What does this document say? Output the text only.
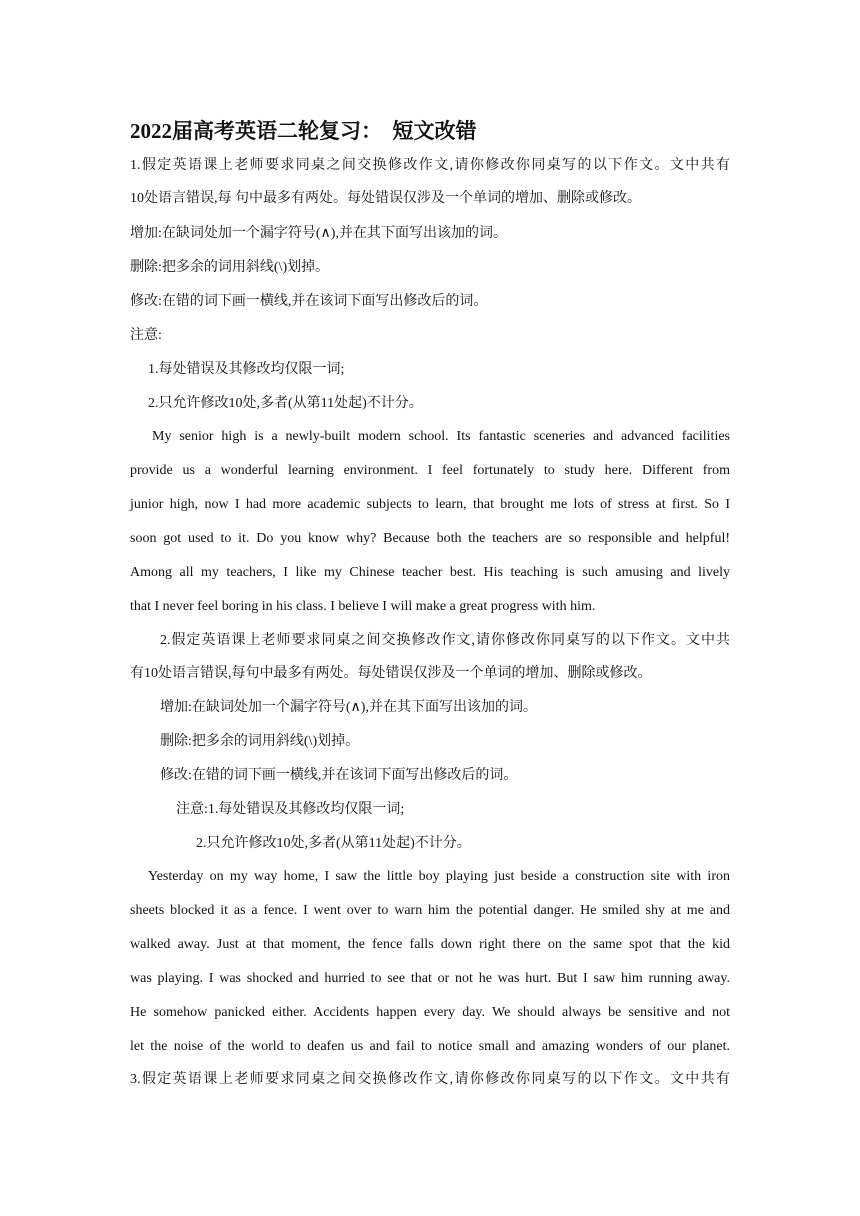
2022届高考英语二轮复习：  短文改错
1.假定英语课上老师要求同桌之间交换修改作文,请你修改你同桌写的以下作文。文中共有
10处语言错误,每 句中最多有两处。每处错误仅涉及一个单词的增加、删除或修改。
增加:在缺词处加一个漏字符号(∧),并在其下面写出该加的词。
删除:把多余的词用斜线(\)划掉。
修改:在错的词下画一横线,并在该词下面写出修改后的词。
注意:
1.每处错误及其修改均仅限一词;
2.只允许修改10处,多者(从第11处起)不计分。
My senior high is a newly-built modern school. Its fantastic sceneries and advanced facilities
provide us a wonderful learning environment. I feel fortunately to study here. Different from
junior high, now I had more academic subjects to learn, that brought me lots of stress at first. So I
soon got used to it. Do you know why? Because both the teachers are so responsible and helpful!
Among all my teachers, I like my Chinese teacher best. His teaching is such amusing and lively
that I never feel boring in his class. I believe I will make a great progress with him.
2.假定英语课上老师要求同桌之间交换修改作文,请你修改你同桌写的以下作文。文中共
有10处语言错误,每句中最多有两处。每处错误仅涉及一个单词的增加、删除或修改。
增加:在缺词处加一个漏字符号(∧),并在其下面写出该加的词。
删除:把多余的词用斜线(\)划掉。
修改:在错的词下画一横线,并在该词下面写出修改后的词。
注意:1.每处错误及其修改均仅限一词;
2.只允许修改10处,多者(从第11处起)不计分。
Yesterday on my way home, I saw the little boy playing just beside a construction site with iron
sheets blocked it as a fence. I went over to warn him the potential danger. He smiled shy at me and
walked away. Just at that moment, the fence falls down right there on the same spot that the kid
was playing. I was shocked and hurried to see that or not he was hurt. But I saw him running away.
He somehow panicked either. Accidents happen every day. We should always be sensitive and not
let the noise of the world to deafen us and fail to notice small and amazing wonders of our planet.
3.假定英语课上老师要求同桌之间交换修改作文,请你修改你同桌写的以下作文。文中共有
